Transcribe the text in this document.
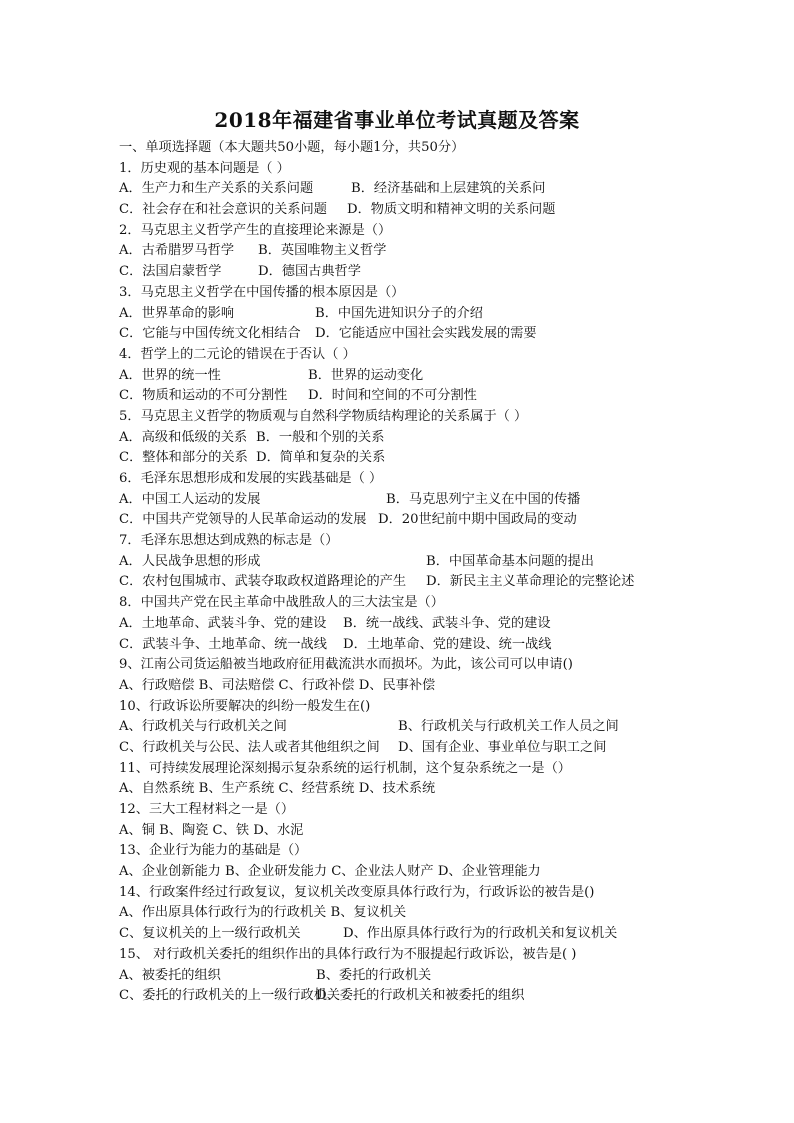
2018年福建省事业单位考试真题及答案
一、单项选择题（本大题共50小题，每小题1分，共50分）
1．历史观的基本问题是（ ）
A．生产力和生产关系的关系问题	B．经济基础和上层建筑的关系问
C．社会存在和社会意识的关系问题	D．物质文明和精神文明的关系问题
2．马克思主义哲学产生的直接理论来源是（）
A．古希腊罗马哲学	B．英国唯物主义哲学
C．法国启蒙哲学	D．德国古典哲学
3．马克思主义哲学在中国传播的根本原因是（）
A．世界革命的影响	B．中国先进知识分子的介绍
C．它能与中国传统文化相结合	D．它能适应中国社会实践发展的需要
4．哲学上的二元论的错误在于否认（ ）
A．世界的统一性	B．世界的运动变化
C．物质和运动的不可分割性	D．时间和空间的不可分割性
5．马克思主义哲学的物质观与自然科学物质结构理论的关系属于（ ）
A．高级和低级的关系 B．一般和个别的关系
C．整体和部分的关系 D．简单和复杂的关系
6．毛泽东思想形成和发展的实践基础是（ ）
A．中国工人运动的发展	B．马克思列宁主义在中国的传播
C．中国共产党领导的人民革命运动的发展 D．20世纪前中期中国政局的变动
7．毛泽东思想达到成熟的标志是（）
A．人民战争思想的形成	B．中国革命基本问题的提出
C．农村包围城市、武装夺取政权道路理论的产生	D．新民主主义革命理论的完整论述
8．中国共产党在民主革命中战胜敌人的三大法宝是（）
A．土地革命、武装斗争、党的建设	B．统一战线、武装斗争、党的建设
C．武装斗争、土地革命、统一战线	D．土地革命、党的建设、统一战线
9、江南公司货运船被当地政府征用截流洪水而损坏。为此，该公司可以申请()
A、行政赔偿 B、司法赔偿 C、行政补偿 D、民事补偿
10、行政诉讼所要解决的纠纷一般发生在()
A、行政机关与行政机关之间	B、行政机关与行政机关工作人员之间
C、行政机关与公民、法人或者其他组织之间	D、国有企业、事业单位与职工之间
11、可持续发展理论深刻揭示复杂系统的运行机制，这个复杂系统之一是（）
A、自然系统 B、生产系统 C、经营系统 D、技术系统
12、三大工程材料之一是（）
A、铜 B、陶瓷 C、铁 D、水泥
13、企业行为能力的基础是（）
A、企业创新能力 B、企业研发能力 C、企业法人财产 D、企业管理能力
14、行政案件经过行政复议，复议机关改变原具体行政行为，行政诉讼的被告是()
A、作出原具体行政行为的行政机关 B、复议机关
C、复议机关的上一级行政机关	D、作出原具体行政行为的行政机关和复议机关
15、 对行政机关委托的组织作出的具体行政行为不服提起行政诉讼，被告是( )
A、被委托的组织	B、委托的行政机关
C、委托的行政机关的上一级行政机关
D、委托的行政机关和被委托的组织
